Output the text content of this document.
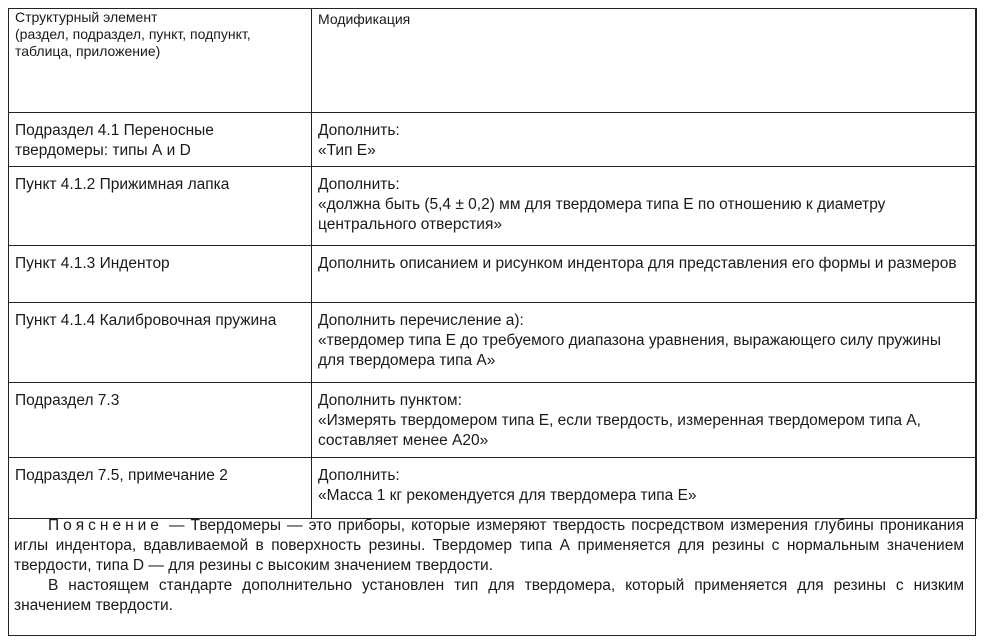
Структурный элемент
(раздел, подраздел, пункт, подпункт,
таблица, приложение)	Модификация
Подраздел 4.1 Переносные твердомеры: типы А и D	Дополнить:
«Тип Е»

Пункт 4.1.2 Прижимная лапка	Дополнить:
«должна быть (5,4 ± 0,2) мм для твердомера типа Е по отношению к диаметру центрального отверстия»

Пункт 4.1.3 Индентор	Дополнить описанием и рисунком индентора для представления его формы и размеров

Пункт 4.1.4 Калибровочная пружина	Дополнить перечисление а):
«твердомер типа Е до требуемого диапазона уравнения, выражающего силу пружины для твердомера типа А»

Подраздел 7.3	Дополнить пунктом:
«Измерять твердомером типа Е, если твердость, измеренная твердомером типа А, составляет менее А20»

Подраздел 7.5, примечание 2	Дополнить:
«Масса 1 кг рекомендуется для твердомера типа Е»

Пояснение — Твердомеры — это приборы, которые измеряют твердость посредством измерения глубины проникания иглы индентора, вдавливаемой в поверхность резины. Твердомер типа А применяется для резины с нормальным значением твердости, типа D — для резины с высоким значением твердости.

В настоящем стандарте дополнительно установлен тип для твердомера, который применяется для резины с низким значением твердости.
